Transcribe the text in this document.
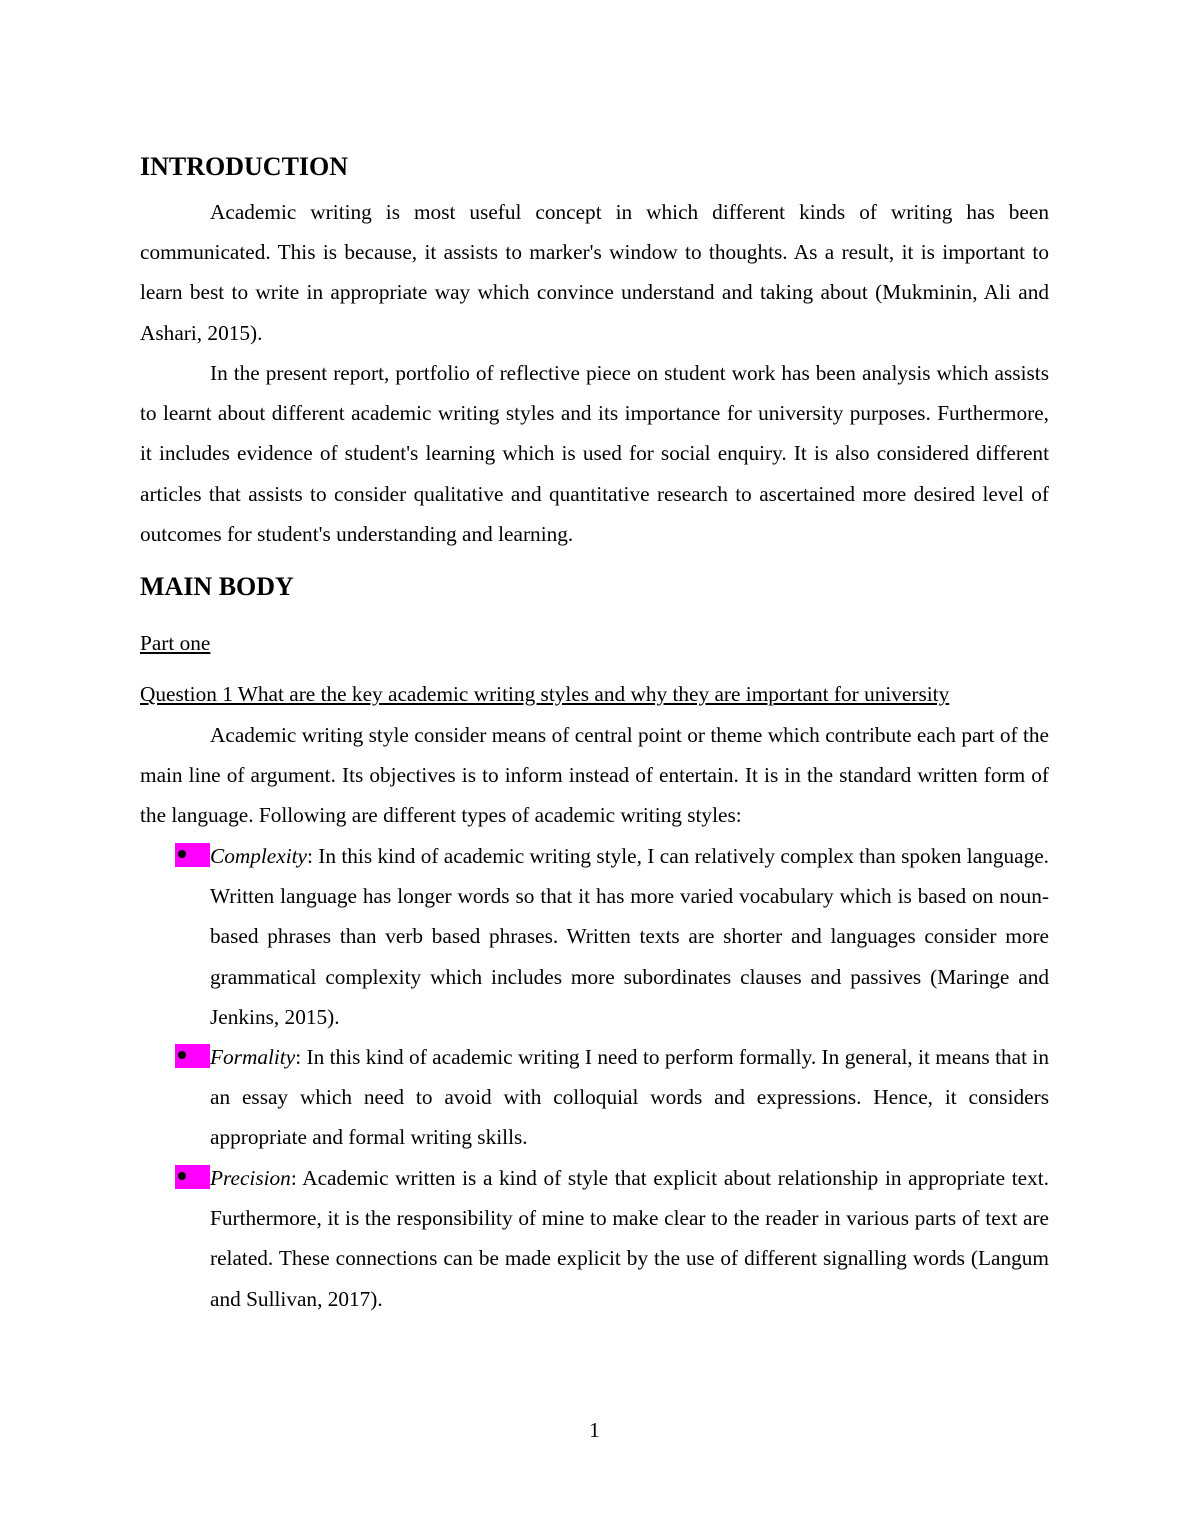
INTRODUCTION

Academic writing is most useful concept in which different kinds of writing has been communicated. This is because, it assists to marker's window to thoughts. As a result, it is important to learn best to write in appropriate way which convince understand and taking about (Mukminin, Ali and Ashari, 2015).

In the present report, portfolio of reflective piece on student work has been analysis which assists to learnt about different academic writing styles and its importance for university purposes. Furthermore, it includes evidence of student's learning which is used for social enquiry. It is also considered different articles that assists to consider qualitative and quantitative research to ascertained more desired level of outcomes for student's understanding and learning.

MAIN BODY

Part one

Question 1 What are the key academic writing styles and why they are important for university

Academic writing style consider means of central point or theme which contribute each part of the main line of argument. Its objectives is to inform instead of entertain. It is in the standard written form of the language. Following are different types of academic writing styles:

Complexity: In this kind of academic writing style, I can relatively complex than spoken language. Written language has longer words so that it has more varied vocabulary which is based on noun-based phrases than verb based phrases. Written texts are shorter and languages consider more grammatical complexity which includes more subordinates clauses and passives (Maringe and Jenkins, 2015).
Formality: In this kind of academic writing I need to perform formally. In general, it means that in an essay which need to avoid with colloquial words and expressions. Hence, it considers appropriate and formal writing skills.
Precision: Academic written is a kind of style that explicit about relationship in appropriate text. Furthermore, it is the responsibility of mine to make clear to the reader in various parts of text are related. These connections can be made explicit by the use of different signalling words (Langum and Sullivan, 2017).
1
